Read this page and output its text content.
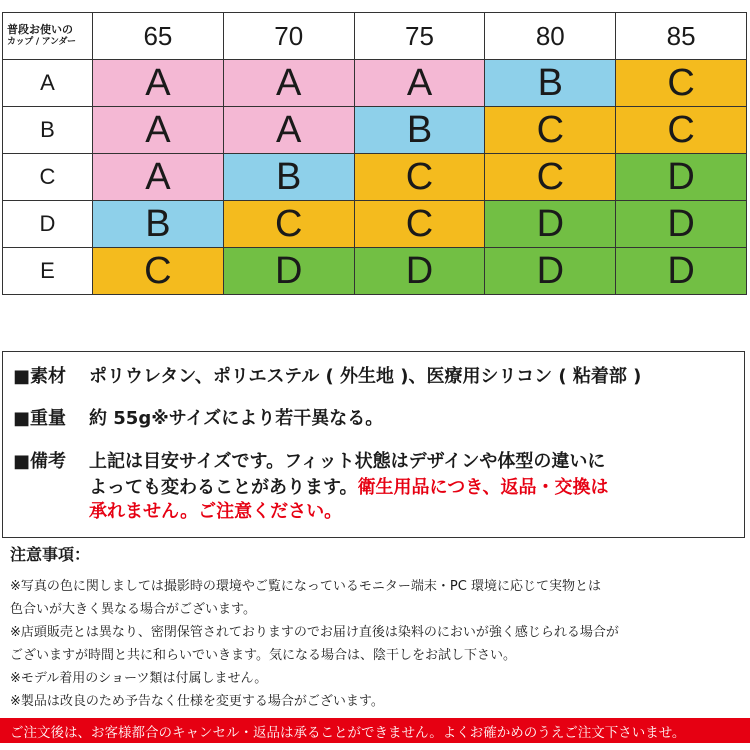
普段お使いの
カップ / アンダー	65	70	75	80	85
A	A	A	A	B	C
B	A	A	B	C	C
C	A	B	C	C	D
D	B	C	C	D	D
E	C	D	D	D	D
■素材 ポリウレタン、ポリエステル ( 外生地 )、医療用シリコン ( 粘着部 )
■重量 約 55g※サイズにより若干異なる。
■備考 上記は目安サイズです。フィット状態はデザインや体型の違いに
よっても変わることがあります。衛生用品につき、返品・交換は
承れません。ご注意ください。
注意事項：
※写真の色に関しましては撮影時の環境やご覧になっているモニター端末・PC 環境に応じて実物とは
色合いが大きく異なる場合がございます。
※店頭販売とは異なり、密閉保管されておりますのでお届け直後は染料のにおいが強く感じられる場合が
ございますが時間と共に和らいでいきます。気になる場合は、陰干しをお試し下さい。
※モデル着用のショーツ類は付属しません。
※製品は改良のため予告なく仕様を変更する場合がございます。
ご注文後は、お客様都合のキャンセル・返品は承ることができません。よくお確かめのうえご注文下さいませ。
